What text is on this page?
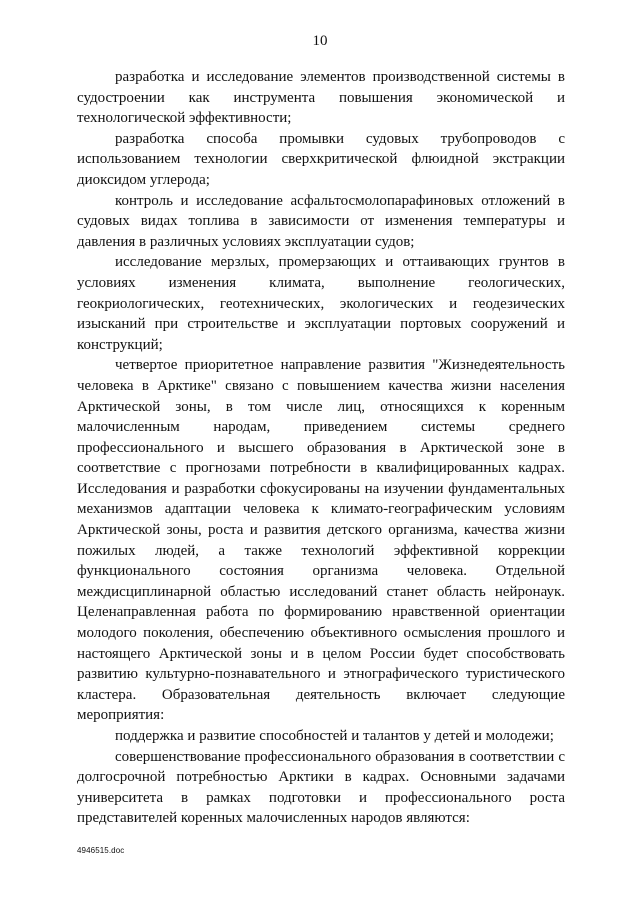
10

разработка и исследование элементов производственной системы в судостроении как инструмента повышения экономической и технологической эффективности;

разработка способа промывки судовых трубопроводов с использованием технологии сверхкритической флюидной экстракции диоксидом углерода;

контроль и исследование асфальтосмолопарафиновых отложений в судовых видах топлива в зависимости от изменения температуры и давления в различных условиях эксплуатации судов;

исследование мерзлых, промерзающих и оттаивающих грунтов в условиях изменения климата, выполнение геологических, геокриологических, геотехнических, экологических и геодезических изысканий при строительстве и эксплуатации портовых сооружений и конструкций;

четвертое приоритетное направление развития "Жизнедеятельность человека в Арктике" связано с повышением качества жизни населения Арктической зоны, в том числе лиц, относящихся к коренным малочисленным народам, приведением системы среднего профессионального и высшего образования в Арктической зоне в соответствие с прогнозами потребности в квалифицированных кадрах. Исследования и разработки сфокусированы на изучении фундаментальных механизмов адаптации человека к климато-географическим условиям Арктической зоны, роста и развития детского организма, качества жизни пожилых людей, а также технологий эффективной коррекции функционального состояния организма человека. Отдельной междисциплинарной областью исследований станет область нейронаук. Целенаправленная работа по формированию нравственной ориентации молодого поколения, обеспечению объективного осмысления прошлого и настоящего Арктической зоны и в целом России будет способствовать развитию культурно-познавательного и этнографического туристического кластера. Образовательная деятельность включает следующие мероприятия:

поддержка и развитие способностей и талантов у детей и молодежи;

совершенствование профессионального образования в соответствии с долгосрочной потребностью Арктики в кадрах. Основными задачами университета в рамках подготовки и профессионального роста представителей коренных малочисленных народов являются:

4946515.doc
